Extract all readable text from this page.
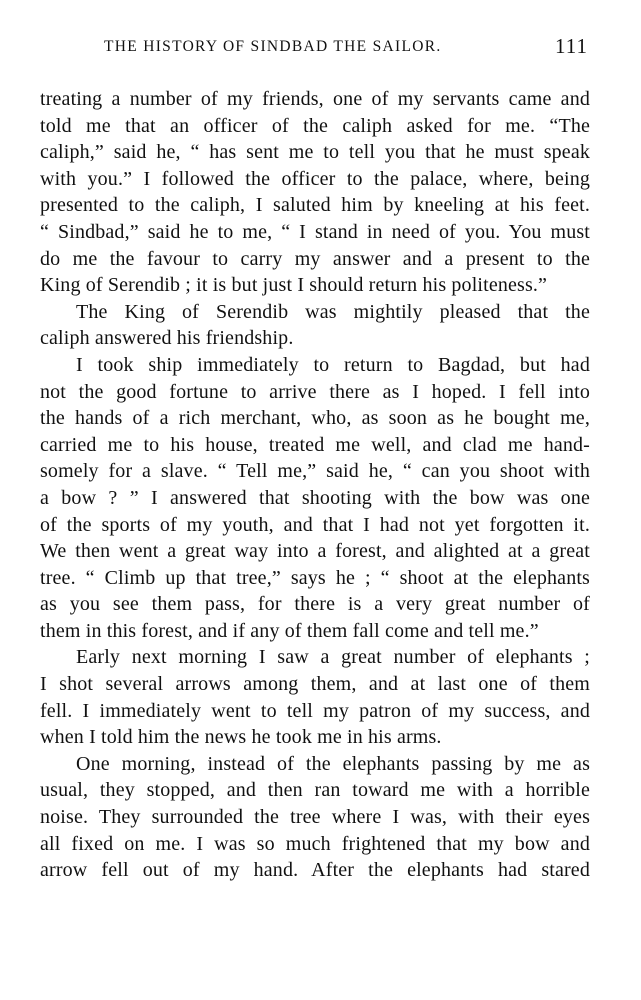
THE HISTORY OF SINDBAD THE SAILOR.	111

treating a number of my friends, one of my servants came and
told me that an officer of the caliph asked for me. “The
caliph,” said he, “ has sent me to tell you that he must speak
with you.” I followed the officer to the palace, where, being
presented to the caliph, I saluted him by kneeling at his feet.
“ Sindbad,” said he to me, “ I stand in need of you. You must
do me the favour to carry my answer and a present to the
King of Serendib ; it is but just I should return his politeness.”

The King of Serendib was mightily pleased that the
caliph answered his friendship.

I took ship immediately to return to Bagdad, but had
not the good fortune to arrive there as I hoped. I fell into
the hands of a rich merchant, who, as soon as he bought me,
carried me to his house, treated me well, and clad me hand-
somely for a slave. “ Tell me,” said he, “ can you shoot with
a bow ? ” I answered that shooting with the bow was one
of the sports of my youth, and that I had not yet forgotten it.
We then went a great way into a forest, and alighted at a great
tree. “ Climb up that tree,” says he ; “ shoot at the elephants
as you see them pass, for there is a very great number of
them in this forest, and if any of them fall come and tell me.”

Early next morning I saw a great number of elephants ;
I shot several arrows among them, and at last one of them
fell. I immediately went to tell my patron of my success, and
when I told him the news he took me in his arms.

One morning, instead of the elephants passing by me as
usual, they stopped, and then ran toward me with a horrible
noise. They surrounded the tree where I was, with their eyes
all fixed on me. I was so much frightened that my bow and
arrow fell out of my hand. After the elephants had stared
